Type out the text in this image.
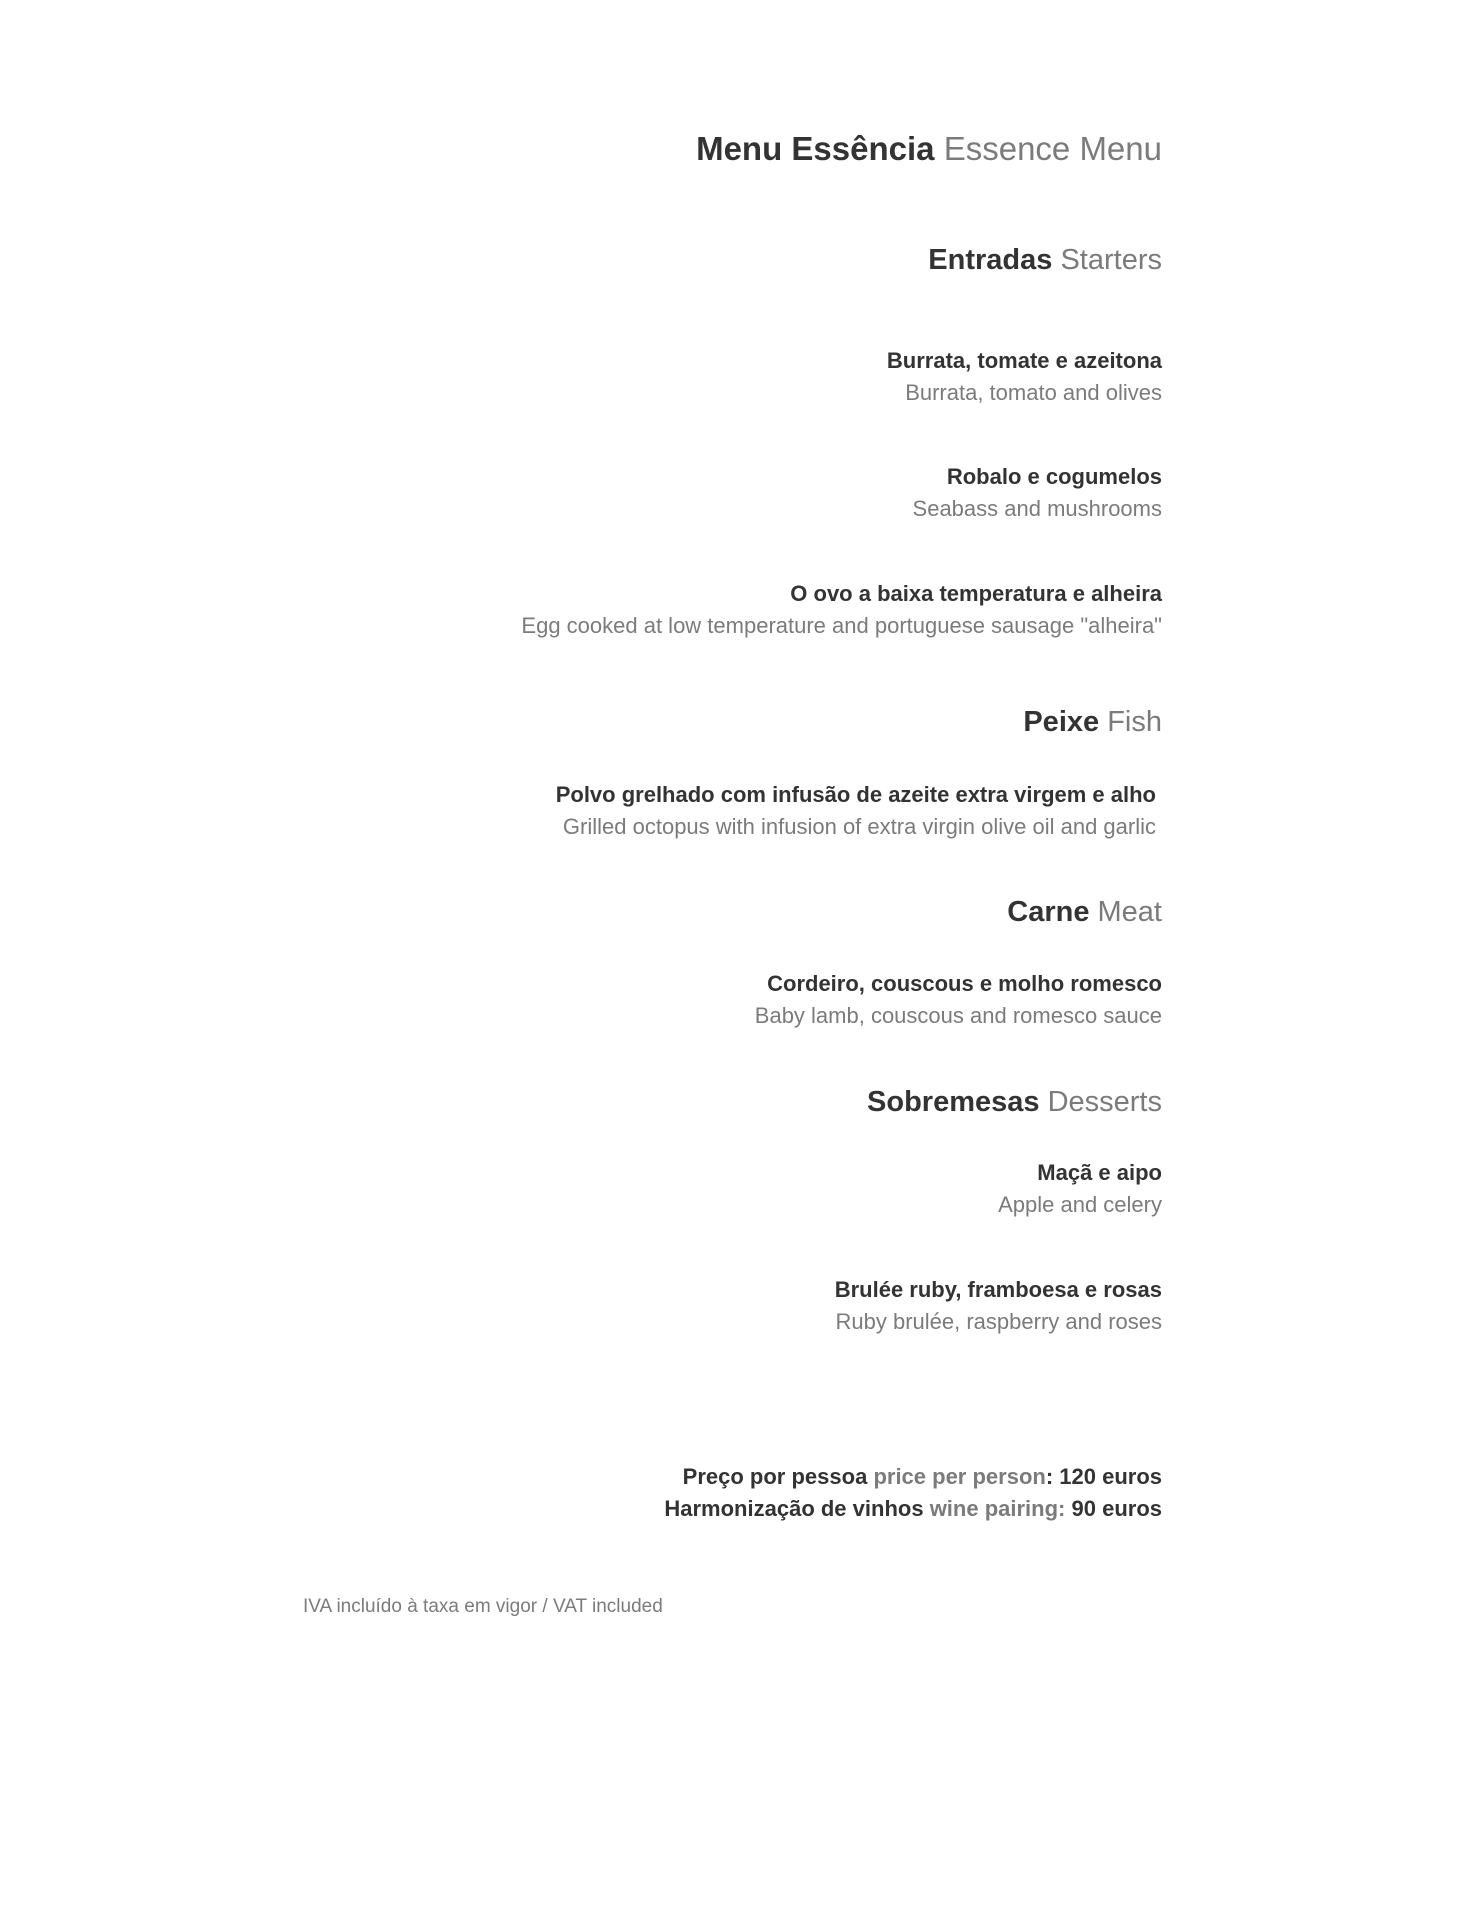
Menu Essência Essence Menu
Entradas Starters
Burrata, tomate e azeitona
Burrata, tomato and olives
Robalo e cogumelos
Seabass and mushrooms
O ovo a baixa temperatura e alheira
Egg cooked at low temperature and portuguese sausage "alheira"
Peixe Fish
Polvo grelhado com infusão de azeite extra virgem e alho
Grilled octopus with infusion of extra virgin olive oil and garlic
Carne Meat
Cordeiro, couscous e molho romesco
Baby lamb, couscous and romesco sauce
Sobremesas Desserts
Maçã e aipo
Apple and celery
Brulée ruby, framboesa e rosas
Ruby brulée, raspberry and roses
Preço por pessoa price per person: 120 euros
Harmonização de vinhos wine pairing: 90 euros
IVA incluído à taxa em vigor / VAT included
